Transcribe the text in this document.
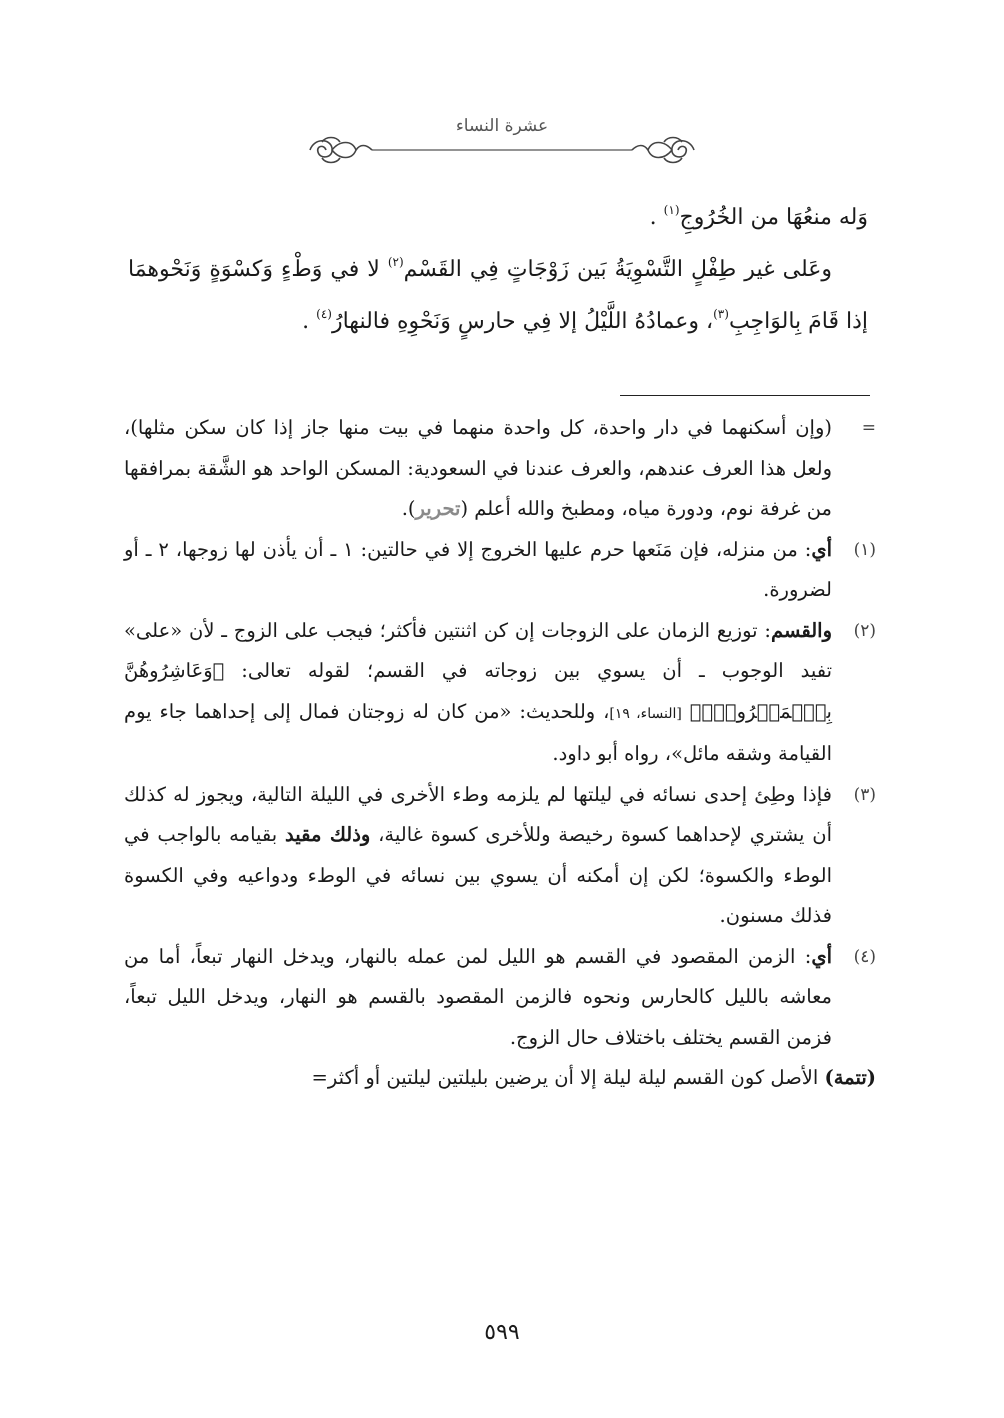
عشرة النساء

وَله منعُهَا من الخُرُوجِ$^{(١)}$ .

وعَلى غير طِفْلٍ التَّسْوِيَةُ بَين زَوْجَاتٍ فِي القَسْم$^{(٢)}$ لا في وَطْءٍ وَكسْوَةٍ وَنَحْوهمَا إذا قَامَ بِالوَاجِبِ$^{(٣)}$، وعمادُهُ اللَّيْلُ إلا فِي حارسٍ وَنَحْوِهِ فالنهارُ$^{(٤)}$ .

=
(وإن أسكنهما في دار واحدة، كل واحدة منهما في بيت منها جاز إذا كان سكن مثلها)، ولعل هذا العرف عندهم، والعرف عندنا في السعودية: المسكن الواحد هو الشَّقة بمرافقها من غرفة نوم، ودورة مياه، ومطبخ والله أعلم (تحرير).
(١)
أي: من منزله، فإن مَنَعها حرم عليها الخروج إلا في حالتين: ١ ـ أن يأذن لها زوجها، ٢ ـ أو لضرورة.
(٢)
والقسم: توزيع الزمان على الزوجات إن كن اثنتين فأكثر؛ فيجب على الزوج ـ لأن «على» تفيد الوجوب ـ أن يسوي بين زوجاته في القسم؛ لقوله تعالى: ﴿وَعَاشِرُوهُنَّ بِٱلۡمَعۡرُوفِۚ﴾ [النساء، ١٩]، وللحديث: «من كان له زوجتان فمال إلى إحداهما جاء يوم القيامة وشقه مائل»، رواه أبو داود.
(٣)
فإذا وطِئ إحدى نسائه في ليلتها لم يلزمه وطء الأخرى في الليلة التالية، ويجوز له كذلك أن يشتري لإحداهما كسوة رخيصة وللأخرى كسوة غالية، وذلك مقيد بقيامه بالواجب في الوطء والكسوة؛ لكن إن أمكنه أن يسوي بين نسائه في الوطء ودواعيه وفي الكسوة فذلك مسنون.
(٤)
أي: الزمن المقصود في القسم هو الليل لمن عمله بالنهار، ويدخل النهار تبعاً، أما من معاشه بالليل كالحارس ونحوه فالزمن المقصود بالقسم هو النهار، ويدخل الليل تبعاً، فزمن القسم يختلف باختلاف حال الزوج.
(تتمة) الأصل كون القسم ليلة ليلة إلا أن يرضين بليلتين ليلتين أو أكثر=
٥٩٩
